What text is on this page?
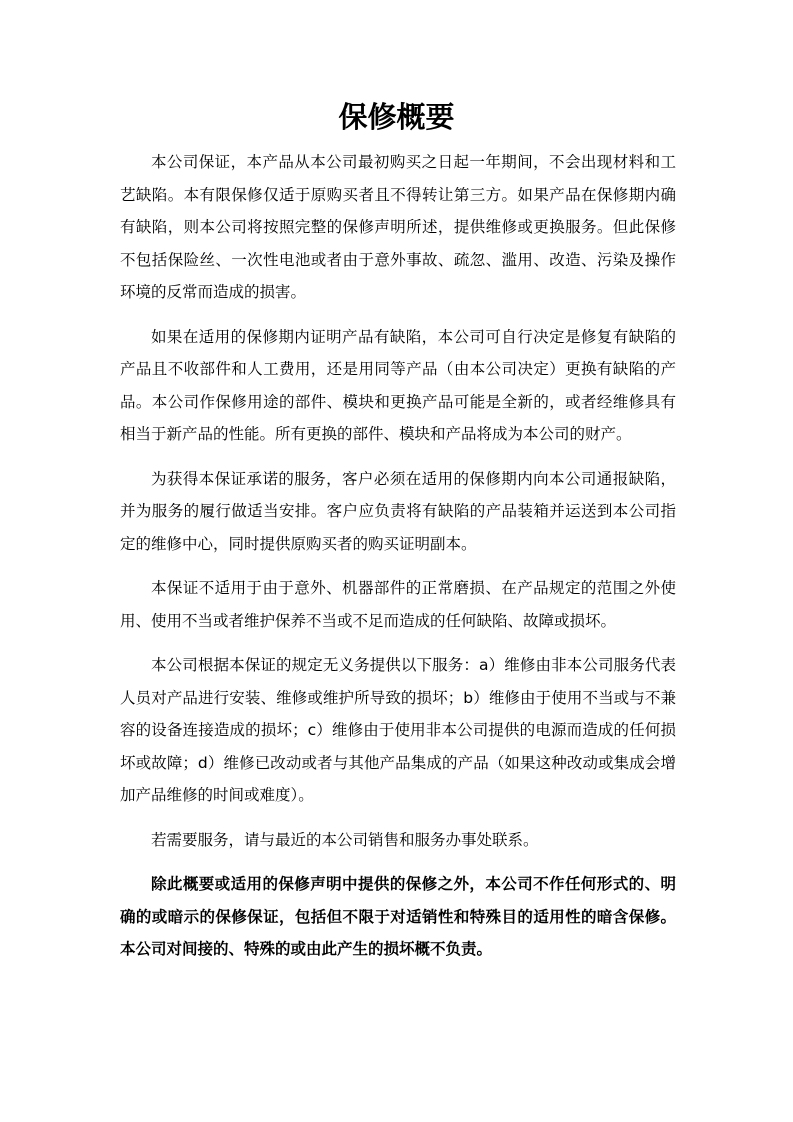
保修概要

本公司保证，本产品从本公司最初购买之日起一年期间，不会出现材料和工艺缺陷。本有限保修仅适于原购买者且不得转让第三方。如果产品在保修期内确有缺陷，则本公司将按照完整的保修声明所述，提供维修或更换服务。但此保修不包括保险丝、一次性电池或者由于意外事故、疏忽、滥用、改造、污染及操作环境的反常而造成的损害。

如果在适用的保修期内证明产品有缺陷，本公司可自行决定是修复有缺陷的产品且不收部件和人工费用，还是用同等产品（由本公司决定）更换有缺陷的产品。本公司作保修用途的部件、模块和更换产品可能是全新的，或者经维修具有相当于新产品的性能。所有更换的部件、模块和产品将成为本公司的财产。

为获得本保证承诺的服务，客户必须在适用的保修期内向本公司通报缺陷，并为服务的履行做适当安排。客户应负责将有缺陷的产品装箱并运送到本公司指定的维修中心，同时提供原购买者的购买证明副本。

本保证不适用于由于意外、机器部件的正常磨损、在产品规定的范围之外使用、使用不当或者维护保养不当或不足而造成的任何缺陷、故障或损坏。

本公司根据本保证的规定无义务提供以下服务：a）维修由非本公司服务代表人员对产品进行安装、维修或维护所导致的损坏；b）维修由于使用不当或与不兼容的设备连接造成的损坏；c）维修由于使用非本公司提供的电源而造成的任何损坏或故障；d）维修已改动或者与其他产品集成的产品（如果这种改动或集成会增加产品维修的时间或难度）。

若需要服务，请与最近的本公司销售和服务办事处联系。

除此概要或适用的保修声明中提供的保修之外，本公司不作任何形式的、明确的或暗示的保修保证，包括但不限于对适销性和特殊目的适用性的暗含保修。本公司对间接的、特殊的或由此产生的损坏概不负责。
